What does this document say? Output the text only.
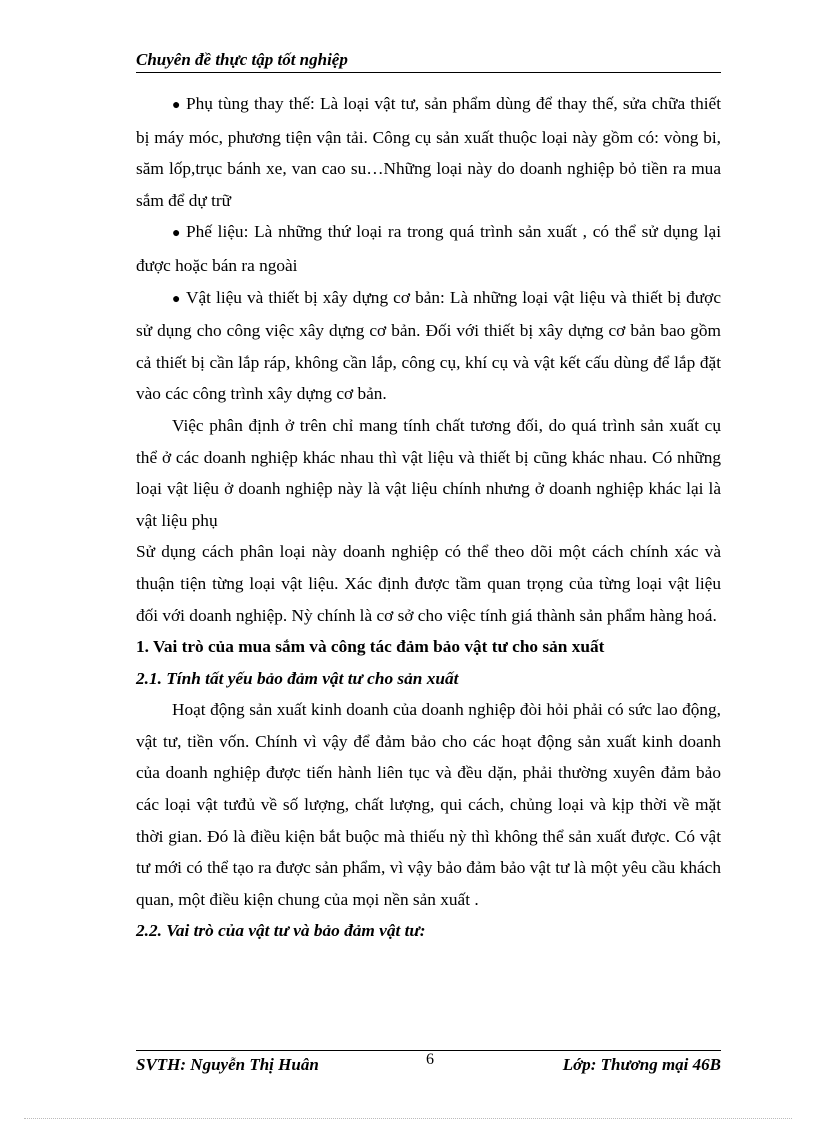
Chuyên đề thực tập tốt nghiệp

● Phụ tùng thay thế: Là loại vật tư, sản phẩm dùng để thay thế, sửa chữa thiết bị máy móc, phương tiện vận tải. Công cụ sản xuất thuộc loại này gồm có: vòng bi, săm lốp,trục bánh xe, van cao su…Những loại này do doanh nghiệp bỏ tiền ra mua sắm để dự trữ

● Phế liệu: Là những thứ loại ra trong quá trình sản xuất , có thể sử dụng lại được hoặc bán ra ngoài

● Vật liệu và thiết bị xây dựng cơ bản: Là những loại vật liệu và thiết bị được sử dụng cho công việc xây dựng cơ bản. Đối với thiết bị xây dựng cơ bản bao gồm cả thiết bị cần lắp ráp, không cần lắp, công cụ, khí cụ và vật kết cấu dùng để lắp đặt vào các công trình xây dựng cơ bản.

Việc phân định ở trên chỉ mang tính chất tương đối, do quá trình sản xuất cụ thể ở các doanh nghiệp khác nhau thì vật liệu và thiết bị cũng khác nhau. Có những loại vật liệu ở doanh nghiệp này là vật liệu chính nhưng ở doanh nghiệp khác lại là vật liệu phụ

Sử dụng cách phân loại này doanh nghiệp có thể theo dõi một cách chính xác và thuận tiện từng loại vật liệu. Xác định được tầm quan trọng của từng loại vật liệu đối với doanh nghiệp. Nỳ chính là cơ sở cho việc tính giá thành sản phẩm hàng hoá.

1. Vai trò của mua sắm và công tác đảm bảo vật tư cho sản xuất

2.1. Tính tất yếu bảo đảm vật tư cho sản xuất

Hoạt động sản xuất kinh doanh của doanh nghiệp đòi hỏi phải có sức lao động, vật tư, tiền vốn. Chính vì vậy để đảm bảo cho các hoạt động sản xuất kinh doanh của doanh nghiệp được tiến hành liên tục và đều dặn, phải thường xuyên đảm bảo các loại vật tưđủ về số lượng, chất lượng, qui cách, chủng loại và kịp thời về mặt thời gian. Đó là điều kiện bắt buộc mà thiếu nỳ thì không thể sản xuất được. Có vật tư mới có thể tạo ra được sản phẩm, vì vậy bảo đảm bảo vật tư là một yêu cầu khách quan, một điều kiện chung của mọi nền sản xuất .

2.2. Vai trò của vật tư và bảo đảm vật tư:

SVTH: Nguyễn Thị Huân	6	Lớp: Thương mại 46B
